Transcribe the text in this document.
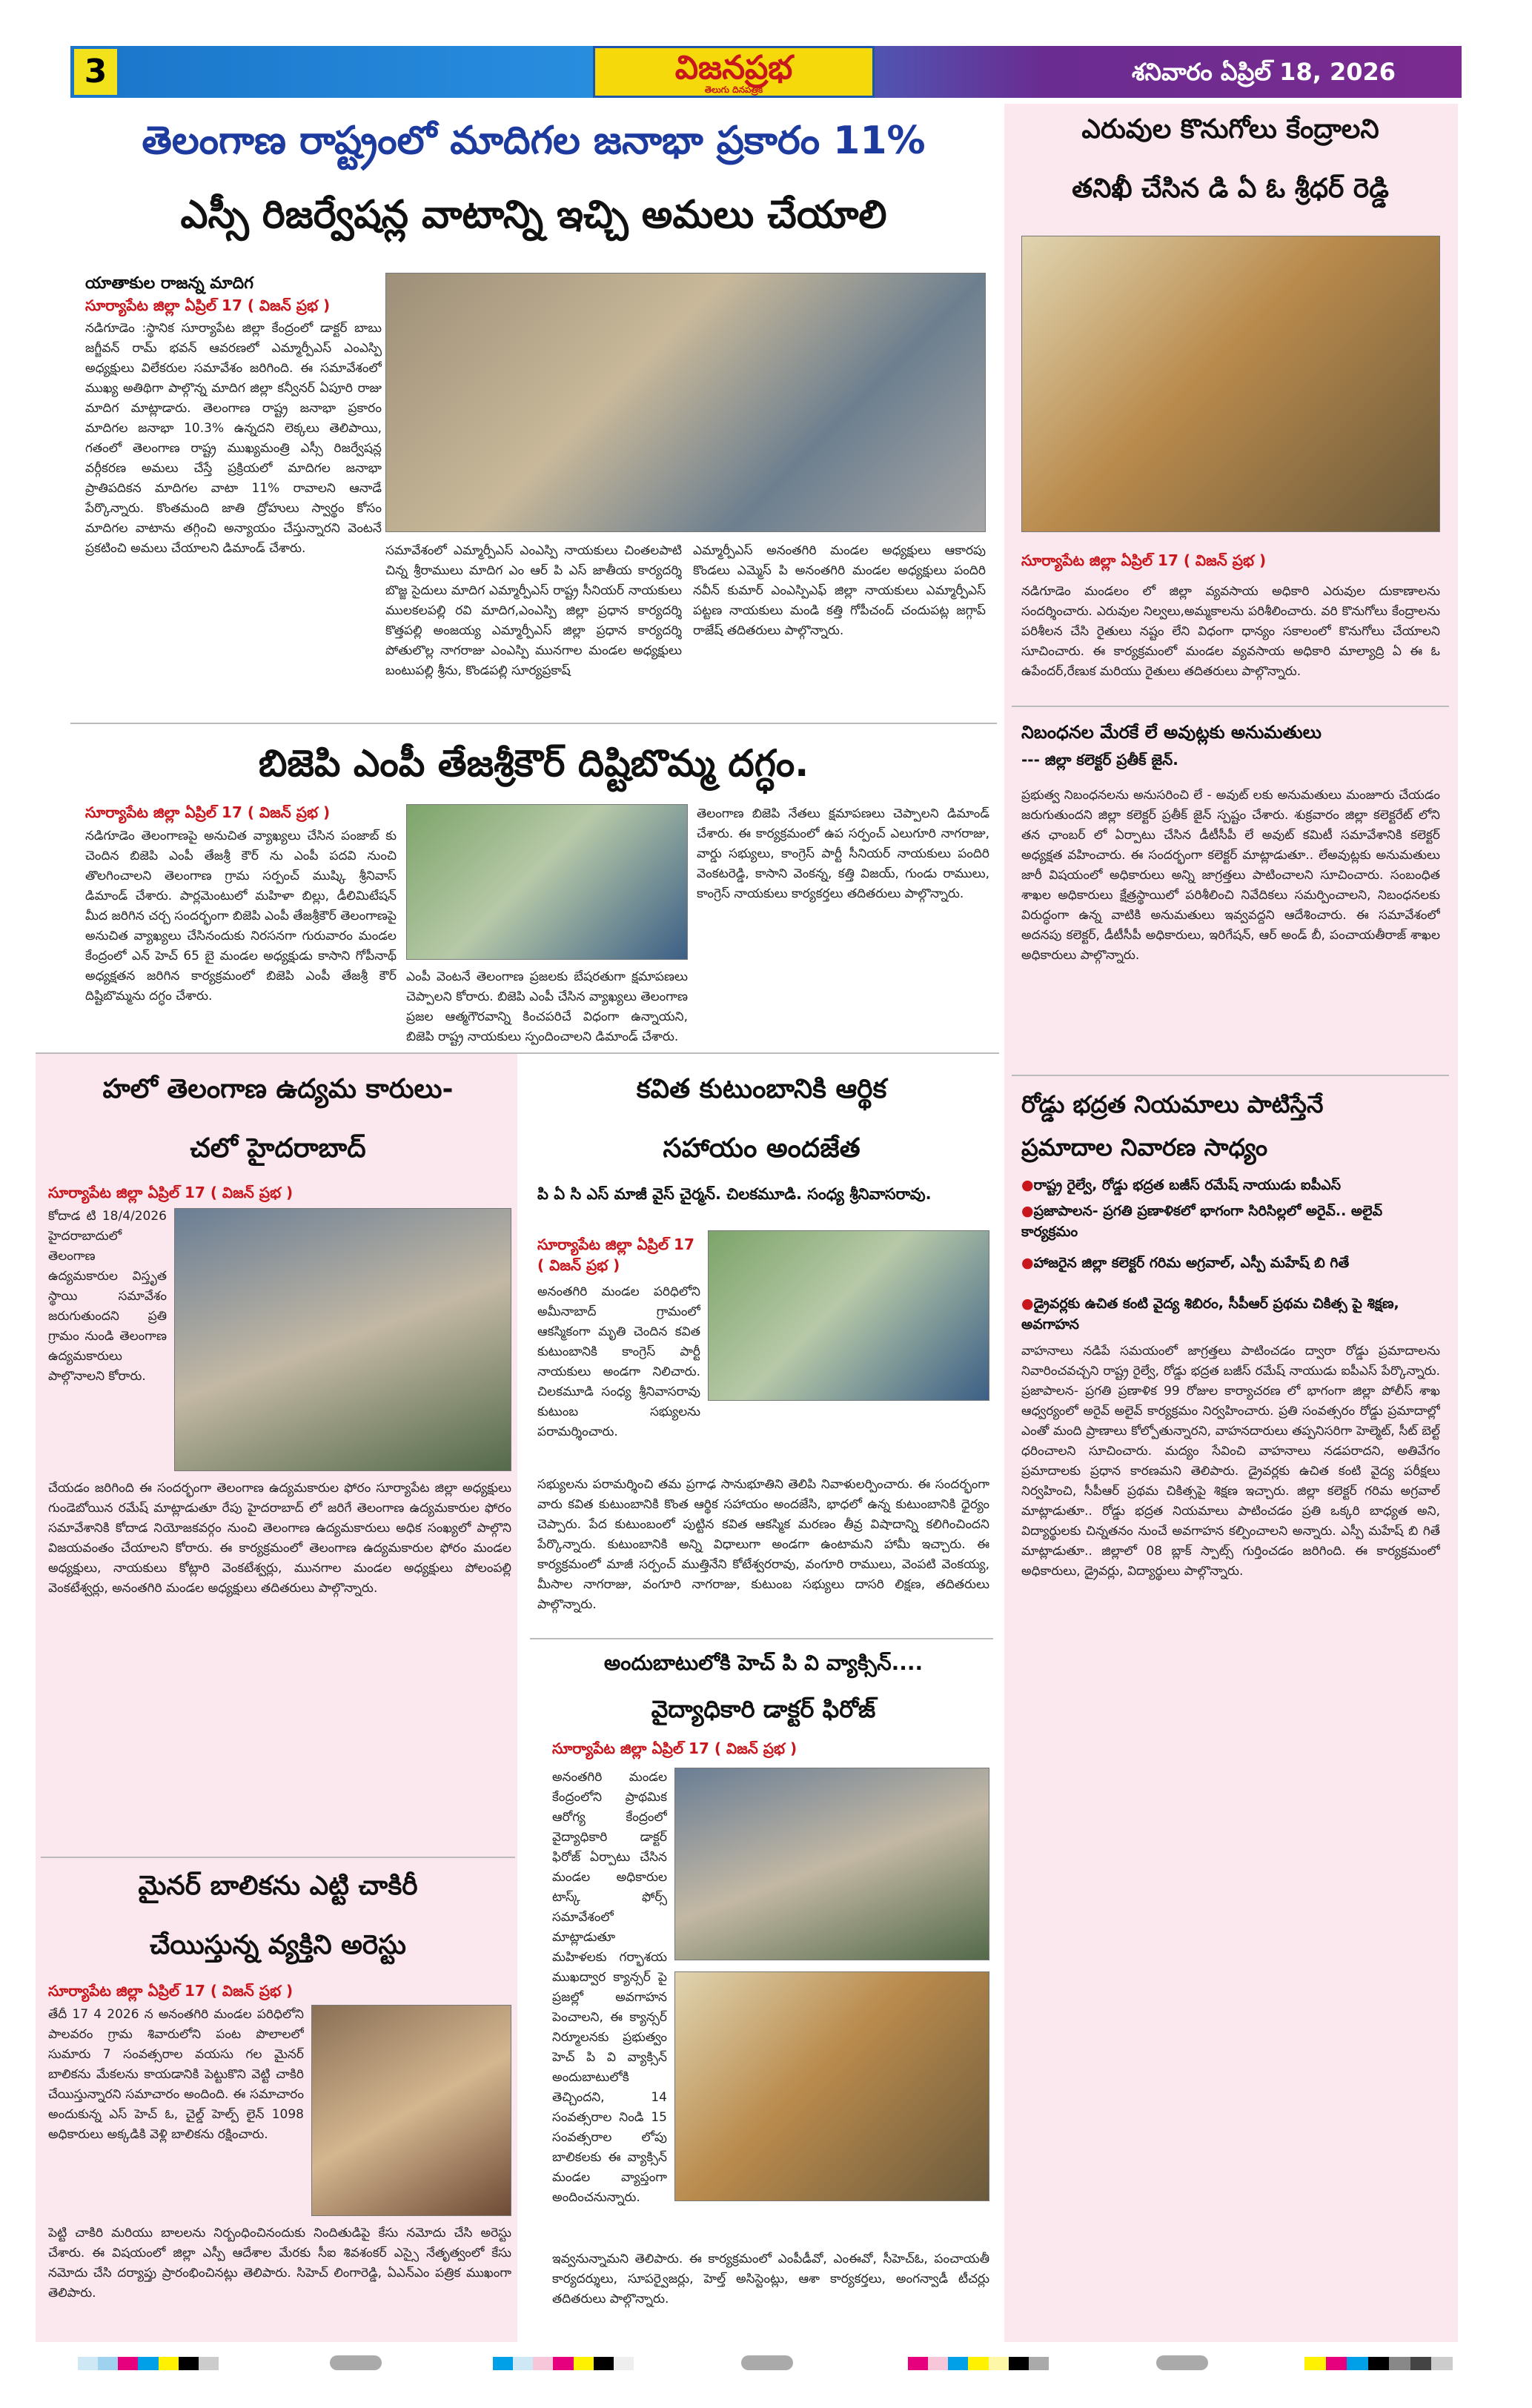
3	విజనప్రభ
తెలుగు దినపత్రిక
శనివారం ఏప్రిల్ 18, 2026
తెలంగాణ రాష్ట్రంలో మాదిగల జనాభా ప్రకారం 11%
ఎస్సీ రిజర్వేషన్ల వాటాన్ని ఇచ్చి అమలు చేయాలి
యాతాకుల రాజన్న మాదిగ
సూర్యాపేట జిల్లా ఏప్రిల్ 17 ( విజన్ ప్రభ )
నడిగూడెం :స్థానిక సూర్యాపేట జిల్లా కేంద్రంలో డాక్టర్ బాబు జగ్జీవన్ రామ్ భవన్ ఆవరణలో ఎమ్మార్పీఎస్ ఎంఎస్పి అధ్యక్షులు విలేకరుల సమావేశం జరిగింది. ఈ సమావేశంలో ముఖ్య అతిథిగా పాల్గొన్న మాదిగ జిల్లా కన్వీనర్ ఏపూరి రాజు మాదిగ మాట్లాడారు. తెలంగాణ రాష్ట్ర జనాభా ప్రకారం మాదిగల జనాభా 10.3% ఉన్నదని లెక్కలు తెలిపాయి, గతంలో తెలంగాణ రాష్ట్ర ముఖ్యమంత్రి ఎస్సీ రిజర్వేషన్ల వర్గీకరణ అమలు చేస్తే ప్రక్రియలో మాదిగల జనాభా ప్రాతిపదికన మాదిగల వాటా 11% రావాలని ఆనాడే పేర్కొన్నారు. కొంతమంది జాతి ద్రోహులు స్వార్థం కోసం మాదిగల వాటాను తగ్గించి అన్యాయం చేస్తున్నారని వెంటనే ప్రకటించి అమలు చేయాలని డిమాండ్ చేశారు.	సమావేశంలో ఎమ్మార్పీఎస్ ఎంఎస్పి నాయకులు చింతలపాటి చిన్న శ్రీరాములు మాదిగ ఎం ఆర్ పి ఎస్ జాతీయ కార్యదర్శి బొజ్జ సైదులు మాదిగ ఎమ్మార్పీఎస్ రాష్ట్ర సీనియర్ నాయకులు ములకలపల్లి రవి మాదిగ,ఎంఎస్పి జిల్లా ప్రధాన కార్యదర్శి కొత్తపల్లి అంజయ్య ఎమ్మార్పీఎస్ జిల్లా ప్రధాన కార్యదర్శి పోతులొల్ల నాగరాజు ఎంఎస్పి మునగాల మండల అధ్యక్షులు బంటుపల్లి శ్రీను, కొండపల్లి సూర్యప్రకాష్
ఎమ్మార్పీఎస్ అనంతగిరి మండల అధ్యక్షులు ఆకారపు కొండలు ఎమ్మెస్ పి అనంతగిరి మండల అధ్యక్షులు పందిరి నవీన్ కుమార్ ఎంఎస్పిఎఫ్ జిల్లా నాయకులు ఎమ్మార్పీఎస్ పట్టణ నాయకులు మండి కత్తి గోపీచంద్ చందుపట్ల జగ్గాప్ రాజేష్ తదితరులు పాల్గొన్నారు.
ఎరువుల కొనుగోలు కేంద్రాలని
తనిఖీ చేసిన డి ఏ ఓ శ్రీధర్ రెడ్డి
సూర్యాపేట జిల్లా ఏప్రిల్ 17 ( విజన్ ప్రభ )
నడిగూడెం మండలం లో జిల్లా వ్యవసాయ అధికారి ఎరువుల దుకాణాలను సందర్శించారు. ఎరువుల నిల్వలు,అమ్మకాలను పరిశీలించారు. వరి కొనుగోలు కేంద్రాలను పరిశీలన చేసి రైతులు నష్టం లేని విధంగా ధాన్యం సకాలంలో కొనుగోలు చేయాలని సూచించారు. ఈ కార్యక్రమంలో మండల వ్యవసాయ అధికారి మాల్యాద్రి ఏ ఈ ఓ ఉపేందర్,రేణుక మరియు రైతులు తదితరులు పాల్గొన్నారు.
నిబంధనల మేరకే లే అవుట్లకు అనుమతులు
--- జిల్లా కలెక్టర్ ప్రతీక్ జైన్.
ప్రభుత్వ నిబంధనలను అనుసరించి లే - అవుట్ లకు అనుమతులు మంజూరు చేయడం జరుగుతుందని జిల్లా కలెక్టర్ ప్రతీక్ జైన్ స్పష్టం చేశారు. శుక్రవారం జిల్లా కలెక్టరేట్ లోని తన ఛాంబర్ లో ఏర్పాటు చేసిన డీటీసీపీ లే అవుట్ కమిటీ సమావేశానికి కలెక్టర్ అధ్యక్షత వహించారు. ఈ సందర్భంగా కలెక్టర్ మాట్లాడుతూ.. లేఅవుట్లకు అనుమతులు జారీ విషయంలో అధికారులు అన్ని జాగ్రత్తలు పాటించాలని సూచించారు. సంబంధిత శాఖల అధికారులు క్షేత్రస్థాయిలో పరిశీలించి నివేదికలు సమర్పించాలని, నిబంధనలకు విరుద్ధంగా ఉన్న వాటికి అనుమతులు ఇవ్వవద్దని ఆదేశించారు. ఈ సమావేశంలో అదనపు కలెక్టర్, డీటీసీపీ అధికారులు, ఇరిగేషన్, ఆర్ అండ్ బీ, పంచాయతీరాజ్ శాఖల అధికారులు పాల్గొన్నారు.
రోడ్డు భద్రత నియమాలు పాటిస్తేనే
ప్రమాదాల నివారణ సాధ్యం
●రాష్ట్ర రైల్వే, రోడ్డు భద్రత బజీస్ రమేష్ నాయుడు ఐపీఎస్
●ప్రజాపాలన- ప్రగతి ప్రణాళికలో భాగంగా సిరిసిల్లలో అరైవ్.. అలైవ్ కార్యక్రమం
●హాజరైన జిల్లా కలెక్టర్ గరిమ అగ్రవాల్, ఎస్పీ మహేష్ బి గితే
●డ్రైవర్లకు ఉచిత కంటి వైద్య శిబిరం, సీపీఆర్ ప్రథమ చికిత్స పై శిక్షణ, అవగాహన
వాహనాలు నడిపే సమయంలో జాగ్రత్తలు పాటించడం ద్వారా రోడ్డు ప్రమాదాలను నివారించవచ్చని రాష్ట్ర రైల్వే, రోడ్డు భద్రత బజీస్ రమేష్ నాయుడు ఐపీఎస్ పేర్కొన్నారు. ప్రజాపాలన- ప్రగతి ప్రణాళిక 99 రోజుల కార్యాచరణ లో భాగంగా జిల్లా పోలీస్ శాఖ ఆధ్వర్యంలో అరైవ్ అలైవ్ కార్యక్రమం నిర్వహించారు. ప్రతి సంవత్సరం రోడ్డు ప్రమాదాల్లో ఎంతో మంది ప్రాణాలు కోల్పోతున్నారని, వాహనదారులు తప్పనిసరిగా హెల్మెట్, సీట్ బెల్ట్ ధరించాలని సూచించారు. మద్యం సేవించి వాహనాలు నడపరాదని, అతివేగం ప్రమాదాలకు ప్రధాన కారణమని తెలిపారు. డ్రైవర్లకు ఉచిత కంటి వైద్య పరీక్షలు నిర్వహించి, సీపీఆర్ ప్రథమ చికిత్సపై శిక్షణ ఇచ్చారు. జిల్లా కలెక్టర్ గరిమ అగ్రవాల్ మాట్లాడుతూ.. రోడ్డు భద్రత నియమాలు పాటించడం ప్రతి ఒక్కరి బాధ్యత అని, విద్యార్థులకు చిన్నతనం నుంచే అవగాహన కల్పించాలని అన్నారు. ఎస్పీ మహేష్ బి గితే మాట్లాడుతూ.. జిల్లాలో 08 బ్లాక్ స్పాట్స్ గుర్తించడం జరిగింది. ఈ కార్యక్రమంలో అధికారులు, డ్రైవర్లు, విద్యార్థులు పాల్గొన్నారు.
బిజెపి ఎంపీ తేజశ్రీకౌర్ దిష్టిబొమ్మ దగ్ధం.
సూర్యాపేట జిల్లా ఏప్రిల్ 17 ( విజన్ ప్రభ )
నడిగూడెం తెలంగాణపై అనుచిత వ్యాఖ్యలు చేసిన పంజాబ్ కు చెందిన బిజెపి ఎంపీ తేజశ్రీ కౌర్ ను ఎంపీ పదవి నుంచి తొలగించాలని తెలంగాణ గ్రామ సర్పంచ్ ముష్కి శ్రీనివాస్ డిమాండ్ చేశారు. పార్లమెంటులో మహిళా బిల్లు, డీలిమిటేషన్ మీద జరిగిన చర్చ సందర్భంగా బిజెపి ఎంపీ తేజశ్రీకౌర్ తెలంగాణపై అనుచిత వ్యాఖ్యలు చేసినందుకు నిరసనగా గురువారం మండల కేంద్రంలో ఎన్ హెచ్ 65 బై మండల అధ్యక్షుడు కాసాని గోపీనాథ్ అధ్యక్షతన జరిగిన కార్యక్రమంలో బిజెపి ఎంపీ తేజశ్రీ కౌర్ దిష్టిబొమ్మను దగ్ధం చేశారు.
ఎంపీ వెంటనే తెలంగాణ ప్రజలకు బేషరతుగా క్షమాపణలు చెప్పాలని కోరారు. బిజెపి ఎంపీ చేసిన వ్యాఖ్యలు తెలంగాణ ప్రజల ఆత్మగౌరవాన్ని కించపరిచే విధంగా ఉన్నాయని, బిజెపి రాష్ట్ర నాయకులు స్పందించాలని డిమాండ్ చేశారు.
తెలంగాణ బిజెపి నేతలు క్షమాపణలు చెప్పాలని డిమాండ్ చేశారు. ఈ కార్యక్రమంలో ఉప సర్పంచ్ ఎలుగూరి నాగరాజు, వార్డు సభ్యులు, కాంగ్రెస్ పార్టీ సీనియర్ నాయకులు పందిరి వెంకటరెడ్డి, కాసాని వెంకన్న, కత్తి విజయ్, గుండు రాములు, కాంగ్రెస్ నాయకులు కార్యకర్తలు తదితరులు పాల్గొన్నారు.
హలో తెలంగాణ ఉద్యమ కారులు-
చలో హైదరాబాద్
సూర్యాపేట జిల్లా ఏప్రిల్ 17 ( విజన్ ప్రభ )
కోదాడ టి 18/4/2026 హైదరాబాదులో తెలంగాణ ఉద్యమకారుల విస్తృత స్థాయి సమావేశం జరుగుతుందని ప్రతి గ్రామం నుండి తెలంగాణ ఉద్యమకారులు పాల్గొనాలని కోరారు.
చేయడం జరిగింది ఈ సందర్భంగా తెలంగాణ ఉద్యమకారుల ఫోరం సూర్యాపేట జిల్లా అధ్యక్షులు గుండెబోయిన రమేష్ మాట్లాడుతూ రేపు హైదరాబాద్ లో జరిగే తెలంగాణ ఉద్యమకారుల ఫోరం సమావేశానికి కోదాడ నియోజకవర్గం నుంచి తెలంగాణ ఉద్యమకారులు అధిక సంఖ్యలో పాల్గొని విజయవంతం చేయాలని కోరారు. ఈ కార్యక్రమంలో తెలంగాణ ఉద్యమకారుల ఫోరం మండల అధ్యక్షులు, నాయకులు కోట్లారి వెంకటేశ్వర్లు, మునగాల మండల అధ్యక్షులు పోలంపల్లి వెంకటేశ్వర్లు, అనంతగిరి మండల అధ్యక్షులు తదితరులు పాల్గొన్నారు.
మైనర్ బాలికను ఎట్టి చాకిరీ
చేయిస్తున్న వ్యక్తిని అరెస్టు
సూర్యాపేట జిల్లా ఏప్రిల్ 17 ( విజన్ ప్రభ )
తేదీ 17 4 2026 న అనంతగిరి మండల పరిధిలోని పాలవరం గ్రామ శివారులోని పంట పొలాలలో సుమారు 7 సంవత్సరాల వయసు గల మైనర్ బాలికను మేకలను కాయడానికి పెట్టుకొని వెట్టి చాకిరి చేయిస్తున్నారని సమాచారం అందింది. ఈ సమాచారం అందుకున్న ఎస్ హెచ్ ఓ, చైల్డ్ హెల్ప్ లైన్ 1098 అధికారులు అక్కడికి వెళ్లి బాలికను రక్షించారు.
పెట్టి చాకిరి మరియు బాలలను నిర్బంధించినందుకు నిందితుడిపై కేసు నమోదు చేసి అరెస్టు చేశారు. ఈ విషయంలో జిల్లా ఎస్పీ ఆదేశాల మేరకు సీఐ శివశంకర్ ఎస్సై నేతృత్వంలో కేసు నమోదు చేసి దర్యాప్తు ప్రారంభించినట్లు తెలిపారు. సిహెచ్ లింగారెడ్డి, ఏఎన్ఎం పత్రిక ముఖంగా తెలిపారు.
కవిత కుటుంబానికి ఆర్థిక
సహాయం అందజేత
పి ఏ సి ఎస్ మాజీ వైస్ చైర్మన్. చిలకమూడి. సంధ్య శ్రీనివాసరావు.
సూర్యాపేట జిల్లా ఏప్రిల్ 17 ( విజన్ ప్రభ )
అనంతగిరి మండల పరిధిలోని అమీనాబాద్ గ్రామంలో ఆకస్మికంగా మృతి చెందిన కవిత కుటుంబానికి కాంగ్రెస్ పార్టీ నాయకులు అండగా నిలిచారు. చిలకమూడి సంధ్య శ్రీనివాసరావు కుటుంబ సభ్యులను పరామర్శించారు.
సభ్యులను పరామర్శించి తమ ప్రగాఢ సానుభూతిని తెలిపి నివాళులర్పించారు. ఈ సందర్భంగా వారు కవిత కుటుంబానికి కొంత ఆర్థిక సహాయం అందజేసి, భాధలో ఉన్న కుటుంబానికి ధైర్యం చెప్పారు. పేద కుటుంబంలో పుట్టిన కవిత ఆకస్మిక మరణం తీవ్ర విషాదాన్ని కలిగించిందని పేర్కొన్నారు. కుటుంబానికి అన్ని విధాలుగా అండగా ఉంటామని హామీ ఇచ్చారు. ఈ కార్యక్రమంలో మాజీ సర్పంచ్ ముత్తినేని కోటేశ్వరరావు, వంగూరి రాములు, వెంపటి వెంకయ్య, మీసాల నాగరాజు, వంగూరి నాగరాజు, కుటుంబ సభ్యులు దాసరి లిక్షణ, తదితరులు పాల్గొన్నారు.
అందుబాటులోకి హెచ్ పి వి వ్యాక్సిన్....
వైద్యాధికారి డాక్టర్ ఫిరోజ్
సూర్యాపేట జిల్లా ఏప్రిల్ 17 ( విజన్ ప్రభ )
అనంతగిరి మండల కేంద్రంలోని ప్రాథమిక ఆరోగ్య కేంద్రంలో వైద్యాధికారి డాక్టర్ ఫిరోజ్ ఏర్పాటు చేసిన మండల అధికారుల టాస్క్ ఫోర్స్ సమావేశంలో మాట్లాడుతూ మహిళలకు గర్భాశయ ముఖద్వార క్యాన్సర్ పై ప్రజల్లో అవగాహన పెంచాలని, ఈ క్యాన్సర్ నిర్మూలనకు ప్రభుత్వం హెచ్ పి వి వ్యాక్సిన్ అందుబాటులోకి తెచ్చిందని, 14 సంవత్సరాల నిండి 15 సంవత్సరాల లోపు బాలికలకు ఈ వ్యాక్సిన్ మండల వ్యాప్తంగా అందించనున్నారు.
ఇవ్వనున్నామని తెలిపారు. ఈ కార్యక్రమంలో ఎంపీడీవో, ఎంఈవో, సీహెచ్ఓ, పంచాయతీ కార్యదర్శులు, సూపర్వైజర్లు, హెల్త్ అసిస్టెంట్లు, ఆశా కార్యకర్తలు, అంగన్వాడీ టీచర్లు తదితరులు పాల్గొన్నారు.
